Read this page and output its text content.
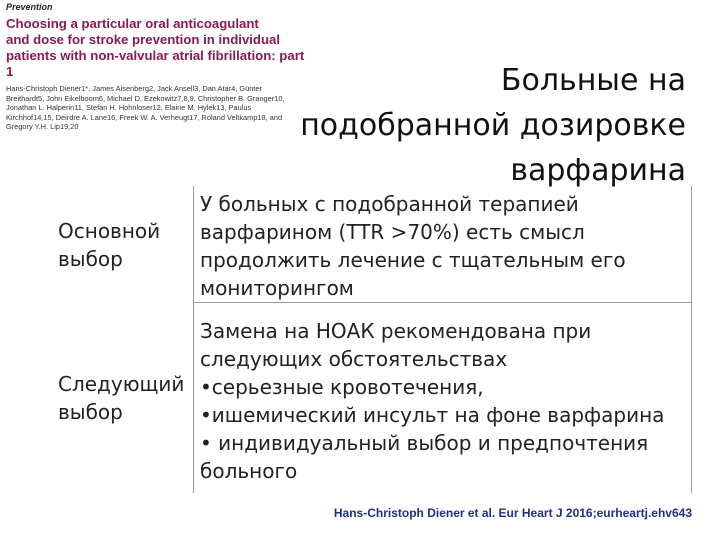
Prevention
Choosing a particular oral anticoagulant
and dose for stroke prevention in individual
patients with non-valvular atrial fibrillation: part 1
Hans-Christoph Diener1*, James Aisenberg2, Jack Ansell3, Dan Atar4, Günter Breithardt5, John Eikelboom6, Michael D. Ezekowitz7,8,9, Christopher B. Granger10, Jonathan L. Halperin11, Stefan H. Hohnloser12, Elaine M. Hylek13, Paulus Kirchhof14,15, Deirdre A. Lane16, Freek W. A. Verheugt17, Roland Veltkamp18, and Gregory Y.H. Lip19,20
Больные на
подобранной дозировке
варфарина
Основной
выбор
У больных с подобранной терапией
варфарином (TTR >70%) есть смысл
продолжить лечение с тщательным его
мониторингом
Следующий
выбор
Замена на НОАК рекомендована при
следующих обстоятельствах
•серьезные кровотечения,
•ишемический инсульт на фоне варфарина
• индивидуальный выбор и предпочтения
больного
Hans-Christoph Diener et al. Eur Heart J 2016;eurheartj.ehv643
